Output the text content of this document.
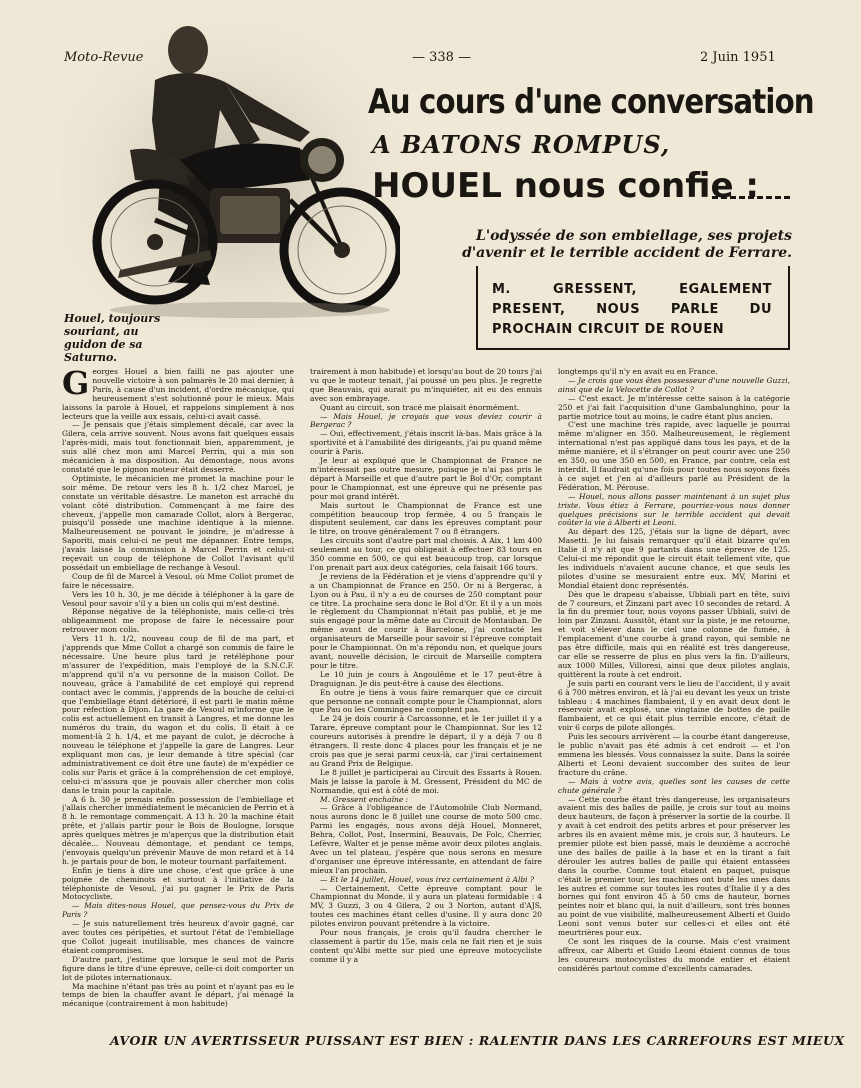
— 338 —	2 Juin 1951
Houel, toujours souriant, au guidon de sa Saturno.
Au cours d'une conversation
A BATONS ROMPUS,
HOUEL nous confie :
L'odyssée de son embiellage, ses projets d'avenir et le terrible accident de Ferrare.
M. GRESSENT, EGALEMENT PRESENT, NOUS PARLE DU PROCHAIN CIRCUIT DE ROUEN

Georges Houel a bien failli ne pas ajouter une nouvelle victoire à son palmarès le 20 mai dernier, à Paris, à cause d'un incident, d'ordre mécanique, qui heureusement s'est solutionné pour le mieux. Mais laissons la parole à Houel, et rappelons simplement à nos lecteurs que la veille aux essais, celui-ci avait cassé.

— Je pensais que j'étais simplement décalé, car avec la Gilera, cela arrive souvent. Nous avons fait quelques essais l'après-midi, mais tout fonctionnait bien, apparemment, je suis allé chez mon ami Marcel Perrin, qui a mis son mécanicien à ma disposition. Au démontage, nous avons constaté que le pignon moteur était desserré.

Optimiste, le mécanicien me promet la machine pour le soir même. De retour vers les 8 h. 1/2 chez Marcel, je constate un véritable désastre. Le maneton est arraché du volant côté distribution. Commençant à me faire des cheveux, j'appelle mon camarade Collot, alors à Bergerac, puisqu'il possède une machine identique à la mienne. Malheureusement ne pouvant le joindre, je m'adresse à Saporiti, mais celui-ci ne peut me dépanner. Entre temps, j'avais laissé la commission à Marcel Perrin et celui-ci reçevait un coup de téléphone de Collot l'avisant qu'il possédait un embiellage de rechange à Vesoul.

Coup de fil de Marcel à Vesoul, où Mme Collot promet de faire le nécessaire.

Vers les 10 h. 30, je me décide à téléphoner à la gare de Vesoul pour savoir s'il y a bien un colis qui m'est destiné.

Réponse négative de la téléphoniste, mais celle-ci très obligeamment me propose de faire le nécessaire pour retrouver mon colis.

Vers 11 h. 1/2, nouveau coup de fil de ma part, et j'apprends que Mme Collot a chargé son commis de faire le nécessaire. Une heure plus tard je retéléphone pour m'assurer de l'expédition, mais l'employé de la S.N.C.F. m'apprend qu'il n'a vu personne de la maison Collot. De nouveau, grâce à l'amabilité de cet employé qui reprend contact avec le commis, j'apprends de la bouche de celui-ci que l'embiellage étant détérioré, il est parti le matin même pour réfection à Dijon. La gare de Vesoul m'informe que le colis est actuellement en transit à Langres, et me donne les numéros du train, du wagon et du colis. Il était à ce moment-là 2 h. 1/4, et me payant de culot, je décroche à nouveau le téléphone et j'appelle la gare de Langres. Leur expliquant mon cas, je leur demande à titre spécial (car administrativement ce doit être une faute) de m'expédier ce colis sur Paris et grâce à la compréhension de cet employé, celui-ci m'assura que je pouvais aller chercher mon colis dans le train pour la capitale.

A 6 h. 30 je prenais enfin possession de l'embiellage et j'allais chercher immédiatement le mécanicien de Perrin et à 8 h. le remontage commençait. A 13 h. 20 la machine était prête, et j'allais partir pour le Bois de Boulogne, lorsque après quelques mètres je m'aperçus que la distribution était décalée... Nouveau démontage, et pendant ce temps, j'envoyais quelqu'un prévenir Mauve de mon retard et à 14 h. je partais pour de bon, le moteur tournant parfaitement.

Enfin je tiens à dire une chose, c'est que grâce à une poignée de cheminots et surtout à l'initiative de la téléphoniste de Vesoul, j'ai pu gagner le Prix de Paris Motocycliste.

— Mais dites-nous Houel, que pensez-vous du Prix de Paris ?

— Je suis naturellement très heureux d'avoir gagné, car avec toutes ces péripéties, et surtout l'état de l'embiellage que Collot jugeait inutilisable, mes chances de vaincre étaient compromises.

D'autre part, j'estime que lorsque le seul mot de Paris figure dans le titre d'une épreuve, celle-ci doit comporter un lot de pilotes internationaux.

Ma machine n'étant pas très au point et n'ayant pas eu le temps de bien la chauffer avant le départ, j'ai ménagé la mécanique (contrairement à mon habitude)

trairement à mon habitude) et lorsqu'au bout de 20 tours j'ai vu que le moteur tenait, j'ai poussé un peu plus. Je regrette que Beauvais, qui aurait pu m'inquiéter, ait eu des ennuis avec son embrayage.

Quant au circuit, son tracé me plaisait énormément.

— Mais Houel, je croyais que vous deviez courir à Bergerac ?

— Oui, effectivement, j'étais inscrit là-bas. Mais grâce à la sportivité et à l'amabilité des dirigeants, j'ai pu quand même courir à Paris.

Je leur ai expliqué que le Championnat de France ne m'intéressait pas outre mesure, puisque je n'ai pas pris le départ à Marseille et que d'autre part le Bol d'Or, comptant pour le Championnat, est une épreuve qui ne présente pas pour moi grand intérêt.

Mais surtout le Championnat de France est une compétition beaucoup trop fermée, 4 ou 5 français le disputent seulement, car dans les épreuves comptant pour le titre, on trouve généralement 7 ou 8 étrangers.

Les circuits sont d'autre part mal choisis. A Aix, 1 km 400 seulement au tour, ce qui obligeait à effectuer 83 tours en 350 comme en 500, ce qui est beaucoup trop, car lorsque l'on prenait part aux deux catégories, cela faisait 166 tours.

Je reviens de la Fédération et je viens d'apprendre qu'il y a un Championnat de France en 250. Or ni à Bergerac, à Lyon ou à Pau, il n'y a eu de courses de 250 comptant pour ce titre. La prochaine sera donc le Bol d'Or. Et il y a un mois le règlement du Championnat n'était pas publié, et je me suis engagé pour la même date au Circuit de Montauban. De même avant de courir à Barcelone, j'ai contacté les organisateurs de Marseille pour savoir si l'épreuve comptait pour le Championnat. On m'a répondu non, et quelque jours avant, nouvelle décision, le circuit de Marseille comptera pour le titre.

Le 10 juin je cours à Angoulême et le 17 peut-être à Draguignan. Je dis peut-être à cause des élections.

En outre je tiens à vous faire remarquer que ce circuit que personne ne connaît compte pour le Championnat, alors que Pau ou les Comminges ne comptent pas.

Le 24 je dois courir à Carcassonne, et le 1er juillet il y a Tarare, épreuve comptant pour le Championnat. Sur les 12 coureurs autorisés à prendre le départ, il y a déjà 7 ou 8 étrangers. Il reste donc 4 places pour les français et je ne crois pas que je serai parmi ceux-là, car j'irai certainement au Grand Prix de Belgique.

Le 8 juillet je participerai au Circuit des Essarts à Rouen. Mais je laisse la parole à M. Gressent, Président du MC de Normandie, qui est à côté de moi.

M. Gressent enchaîne :

— Grâce à l'obligeance de l'Automobile Club Normand, nous aurons donc le 8 juillet une course de moto 500 cmc. Parmi les engagés, nous avons déjà Houel, Monneret, Behra, Collot, Post, Insermini, Beauvais, De Folc, Cherrier, Lefèvre, Walter et je pense même avoir deux pilotes anglais. Avec un tel plateau, j'espère que nous serons en mesure d'organiser une épreuve intéressante, en attendant de faire mieux l'an prochain.

— Et le 14 juillet, Houel, vous irez certainement à Albi ?

— Certainement. Cette épreuve comptant pour le Championnat du Monde, il y aura un plateau formidable : 4 MV, 3 Guzzi, 3 ou 4 Gilera, 2 ou 3 Norton, autant d'AJS, toutes ces machines étant celles d'usine. Il y aura donc 20 pilotes environ pouvant prétendre à la victoire.

Pour nous français, je crois qu'il faudra chercher le classement à partir du 15e, mais cela ne fait rien et je suis content qu'Albi mette sur pied une épreuve motocycliste comme il y a

longtemps qu'il n'y en avait eu en France.

— Je crois que vous êtes possesseur d'une nouvelle Guzzi, ainsi que de la Velocette de Collot ?

— C'est exact. Je m'intéresse cette saison à la catégorie 250 et j'ai fait l'acquisition d'une Gambalunghino, pour la partie motrice tout au moins, le cadre étant plus ancien.

C'est une machine très rapide, avec laquelle je pourrai même m'aligner en 350. Malheureusement, le règlement international n'est pas appliqué dans tous les pays, et de la même manière, et il s'étranger on peut courir avec une 250 en 350, ou une 350 en 500, en France, par contre, cela est interdit. Il faudrait qu'une fois pour toutes nous soyons fixés à ce sujet et j'en ai d'ailleurs parlé au Président de la Fédération, M. Pérouse.

— Houel, nous allons passer maintenant à un sujet plus triste. Vous étiez à Ferrare, pourriez-vous nous donner quelques précisions sur le terrible accident qui devait coûter la vie à Alberti et Leoni.

Au départ des 125, j'étais sur la ligne de départ, avec Masetti. Je lui faisais remarquer qu'il était bizarre qu'en Italie il n'y ait que 9 partants dans une épreuve de 125. Celui-ci me répondit que le circuit était tellement vite, que les individuels n'avaient aucune chance, et que seuls les pilotes d'usine se mesuraient entre eux. MV, Morini et Mondial étaient donc représentés.

Dès que le drapeau s'abaisse, Ubbiali part en tête, suivi de 7 coureurs, et Zinzani part avec 10 secondes de retard. A la fin du premier tour, nous voyons passer Ubbiali, suivi de loin par Zinzani. Aussitôt, étant sur la piste, je me retourne, et voit s'élever dans le ciel une colonne de fumée, à l'emplacement d'une courbe à grand rayon, qui semble ne pas être difficile, mais qui en réalité est très dangereuse, car elle se resserre de plus en plus vers la fin. D'ailleurs, aux 1000 Milles, Villoresi, ainsi que deux pilotes anglais, quittèrent la route à cet endroit.

Je suis parti en courant vers le lieu de l'accident, il y avait 6 à 700 mètres environ, et là j'ai eu devant les yeux un triste tableau : 4 machines flambaient, il y en avait deux dont le réservoir avait explosé, une vingtaine de bottes de paille flambaient, et ce qui était plus terrible encore, c'était de voir 6 corps de pilote allongés.

Puis les secours arrivèrent — la courbe étant dangereuse, le public n'avait pas été admis à cet endroit — et l'on emmena les blessés. Vous connaissez la suite. Dans la soirée Alberti et Leoni devaient succomber des suites de leur fracture du crâne.

— Mais à votre avis, quelles sont les causes de cette chute générale ?

— Cette courbe étant très dangereuse, les organisateurs avaient mis des balles de paille, je crois sur tout au moins deux hauteurs, de façon à préserver la sortie de la courbe. Il y avait à cet endroit des petits arbres et pour préserver les arbres ils en avaient même mis, je crois sur, 3 hauteurs. Le premier pilote est bien passé, mais le deuxième a accroché une des balles de paille à la base et en la tirant a fait dérouler les autres balles de paille qui étaient entassées dans la courbe. Comme tout étaient en paquet, puisque c'était le premier tour, les machines ont buté les unes dans les autres et comme sur toutes les routes d'Italie il y a des bornes qui font environ 45 à 50 cms de hauteur, bornes peintes noir et blanc qui, la nuit d'ailleurs, sont très bonnes au point de vue visibilité, malheureusement Alberti et Guido Leoni sont venus buter sur celles-ci et elles ont été meurtrières pour eux.

Ce sont les risques de la course. Mais c'est vraiment affreux, car Alberti et Guido Leoni étaient connus de tous les coureurs motocyclistes du monde entier et étaient considérés partout comme d'excellents camarades.

AVOIR UN AVERTISSEUR PUISSANT EST BIEN : RALENTIR DANS LES CARREFOURS EST MIEUX
